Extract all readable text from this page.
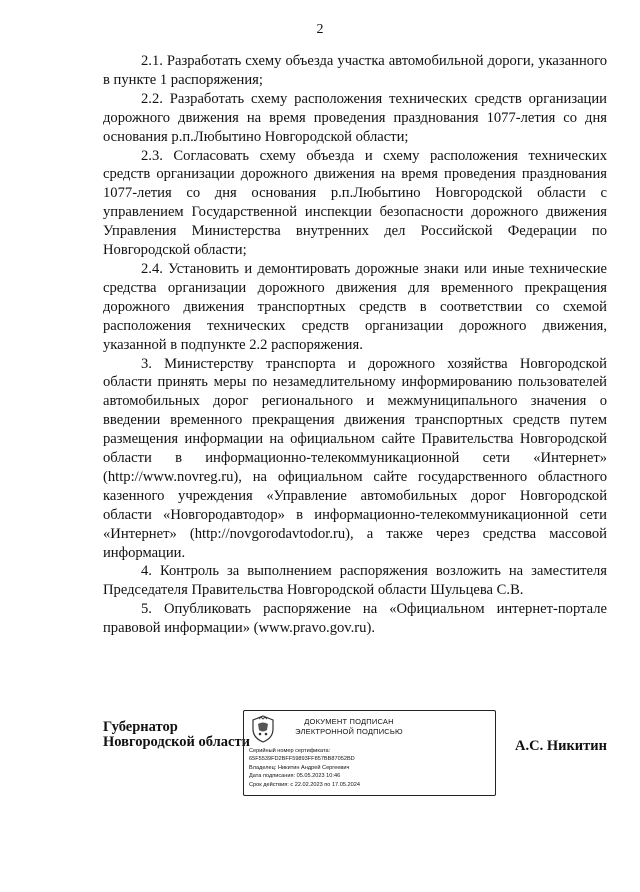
2

2.1. Разработать схему объезда участка автомобильной дороги, указанного в пункте 1 распоряжения;

2.2. Разработать схему расположения технических средств организации дорожного движения на время проведения празднования 1077-летия со дня основания р.п.Любытино Новгородской области;

2.3. Согласовать схему объезда и схему расположения технических средств организации дорожного движения на время проведения празднования 1077-летия со дня основания р.п.Любытино Новгородской области с управлением Государственной инспекции безопасности дорожного движения Управления Министерства внутренних дел Российской Федерации по Новгородской области;

2.4. Установить и демонтировать дорожные знаки или иные технические средства организации дорожного движения для временного прекращения дорожного движения транспортных средств в соответствии со схемой расположения технических средств организации дорожного движения, указанной в подпункте 2.2 распоряжения.

3. Министерству транспорта и дорожного хозяйства Новгородской области принять меры по незамедлительному информированию пользователей автомобильных дорог регионального и межмуниципального значения о введении временного прекращения движения транспортных средств путем размещения информации на официальном сайте Правительства Новгородской области в информационно-телекоммуникационной сети «Интернет» (http://www.novreg.ru), на официальном сайте государственного областного казенного учреждения «Управление автомобильных дорог Новгородской области «Новгородавтодор» в информационно-телекоммуникационной сети «Интернет» (http://novgorodavtodor.ru), а также через средства массовой информации.

4. Контроль за выполнением распоряжения возложить на заместителя Председателя Правительства Новгородской области Шульцева С.В.

5. Опубликовать распоряжение на «Официальном интернет-портале правовой информации» (www.pravo.gov.ru).

Губернатор
Новгородской области
ДОКУМЕНТ ПОДПИСАН
ЭЛЕКТРОННОЙ ПОДПИСЬЮ
Серийный номер сертификата:
65F5539FD2BFF59893FF857BB87052BD
Владелец: Никитин Андрей Сергеевич
Дата подписания: 05.05.2023 10:46
Срок действия: с 22.02.2023 по 17.05.2024
А.С. Никитин
